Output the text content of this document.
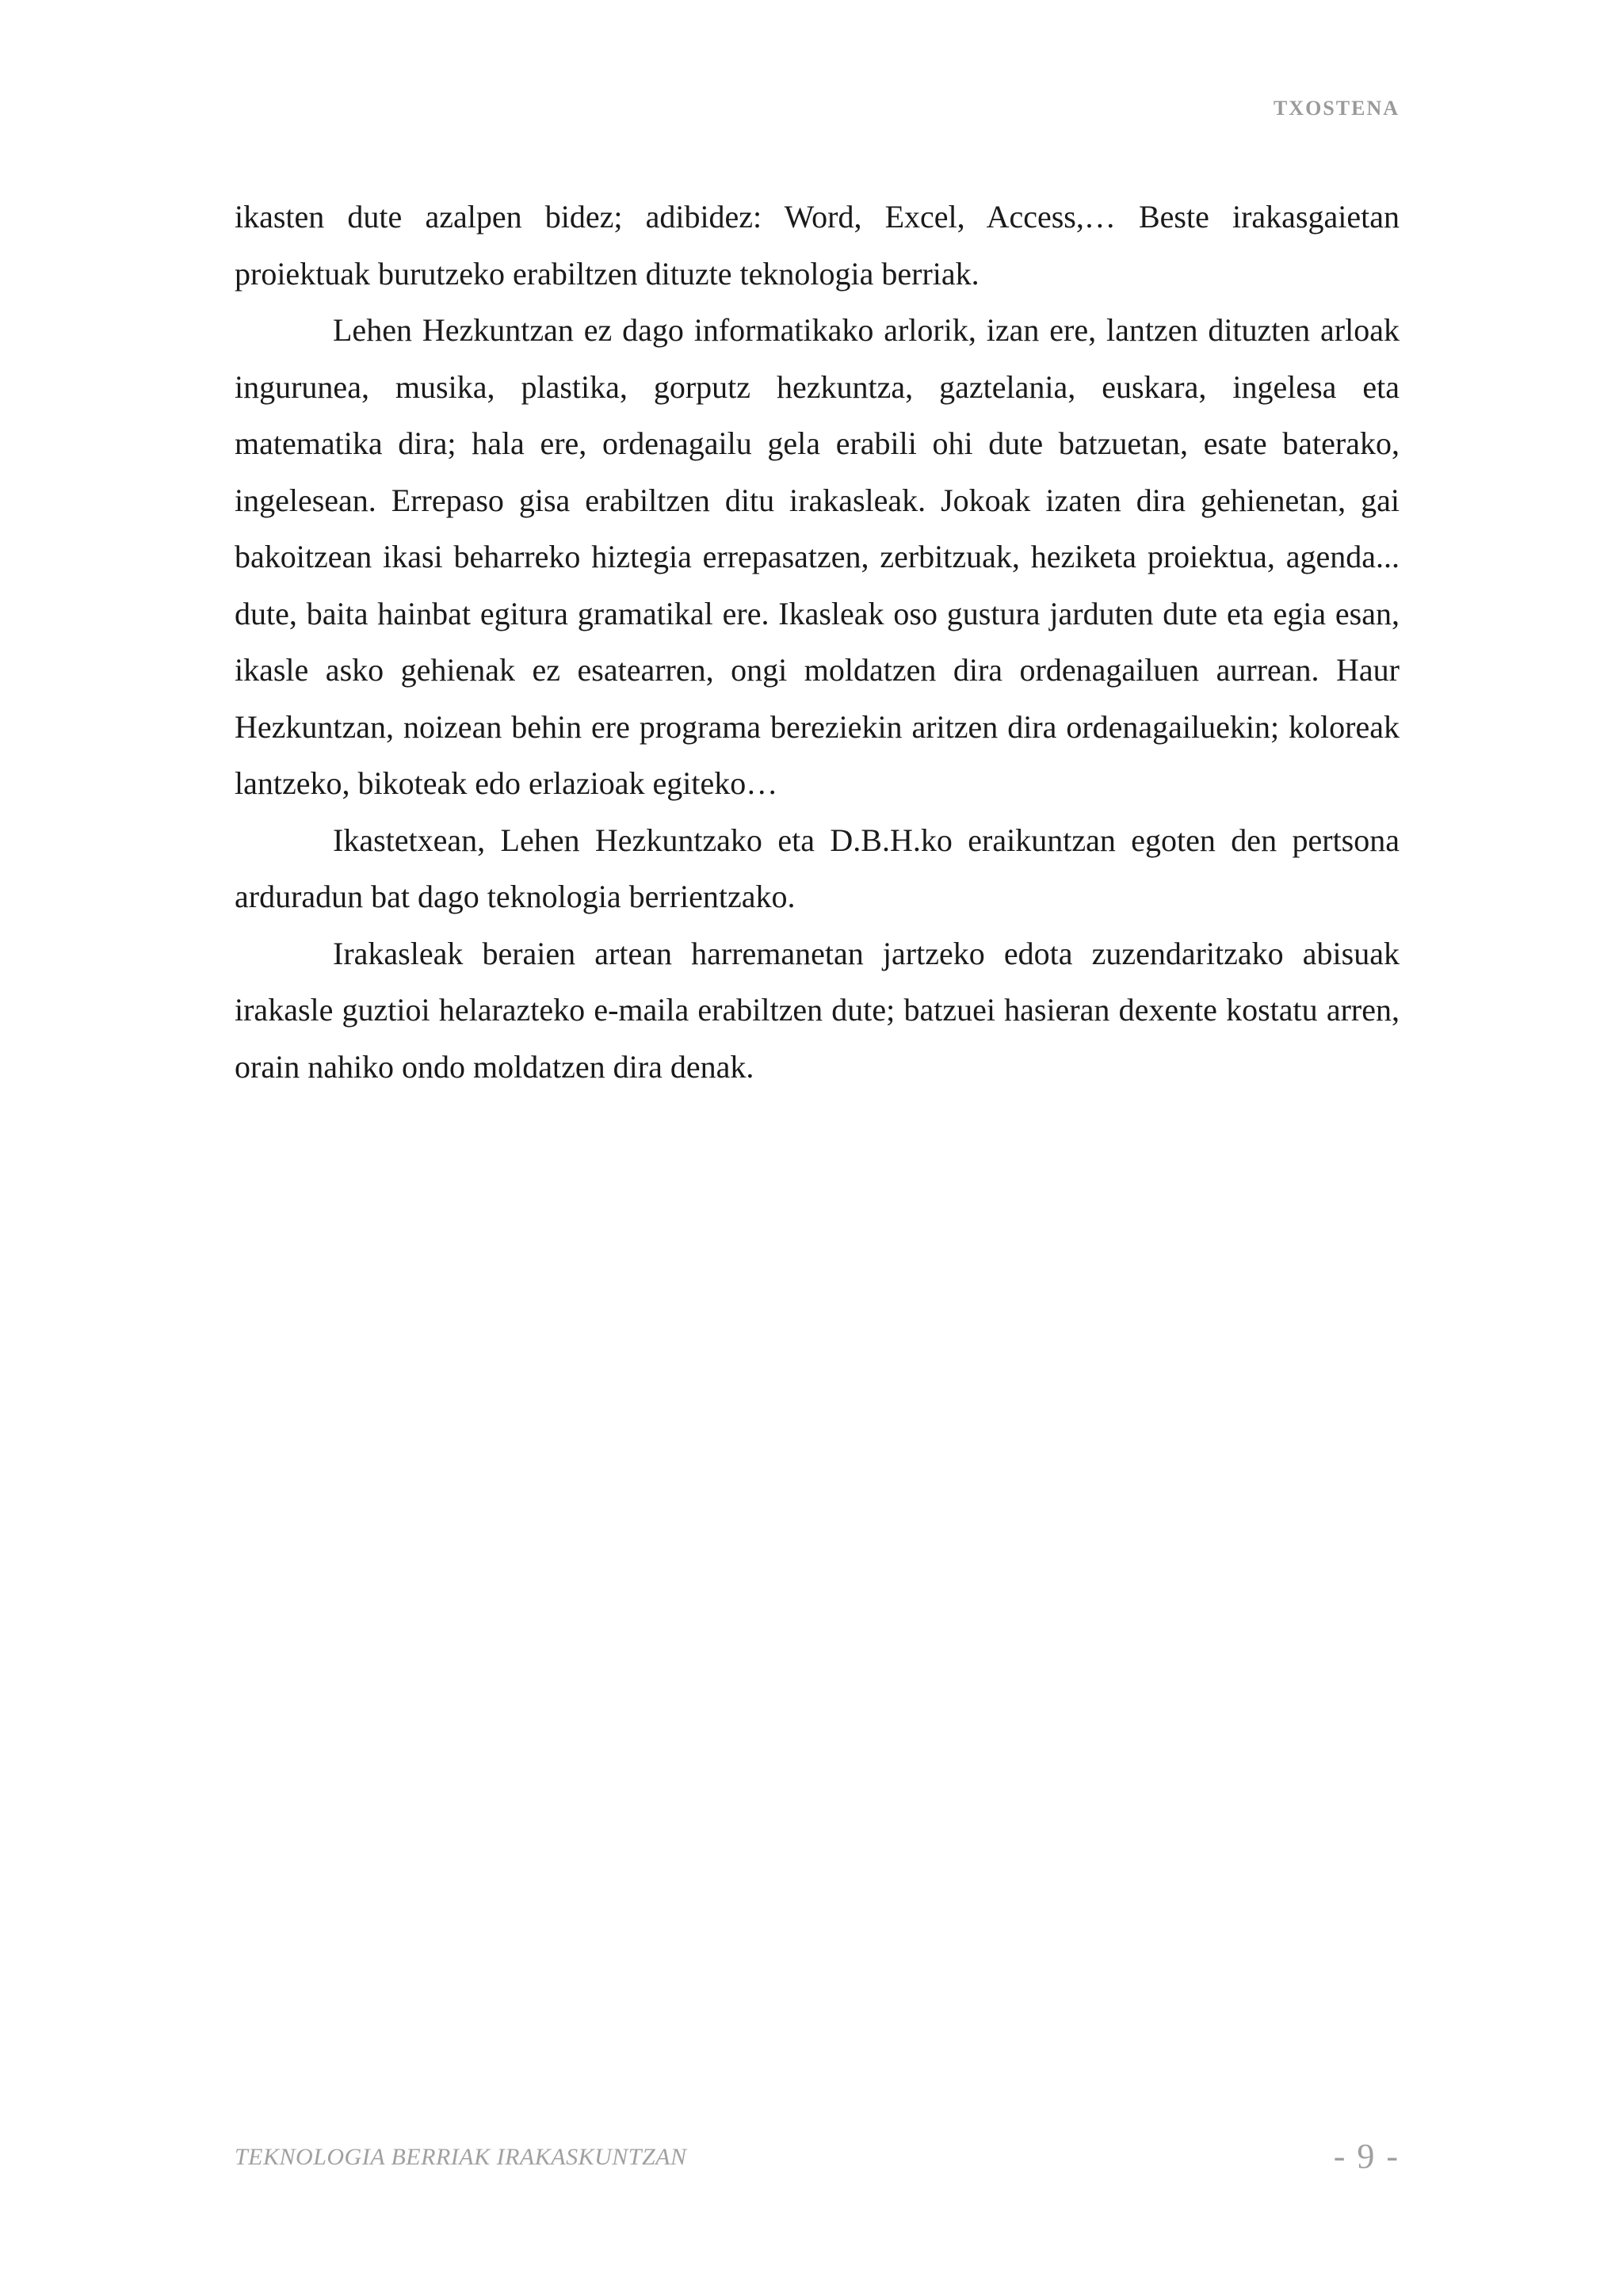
TXOSTENA

ikasten dute azalpen bidez; adibidez: Word, Excel, Access,… Beste irakasgaietan proiektuak burutzeko erabiltzen dituzte teknologia berriak.

Lehen Hezkuntzan ez dago informatikako arlorik, izan ere, lantzen dituzten arloak ingurunea, musika, plastika, gorputz hezkuntza, gaztelania, euskara, ingelesa eta matematika dira; hala ere, ordenagailu gela erabili ohi dute batzuetan, esate baterako, ingelesean. Errepaso gisa erabiltzen ditu irakasleak. Jokoak izaten dira gehienetan, gai bakoitzean ikasi beharreko hiztegia errepasatzen, zerbitzuak, heziketa proiektua, agenda... dute, baita hainbat egitura gramatikal ere. Ikasleak oso gustura jarduten dute eta egia esan, ikasle asko gehienak ez esatearren, ongi moldatzen dira ordenagailuen aurrean. Haur Hezkuntzan, noizean behin ere programa bereziekin aritzen dira ordenagailuekin; koloreak lantzeko, bikoteak edo erlazioak egiteko…

Ikastetxean, Lehen Hezkuntzako eta D.B.H.ko eraikuntzan egoten den pertsona arduradun bat dago teknologia berrientzako.

Irakasleak beraien artean harremanetan jartzeko edota zuzendaritzako abisuak irakasle guztioi helarazteko e-maila erabiltzen dute; batzuei hasieran dexente kostatu arren, orain nahiko ondo moldatzen dira denak.

TEKNOLOGIA BERRIAK IRAKASKUNTZAN	- 9 -
